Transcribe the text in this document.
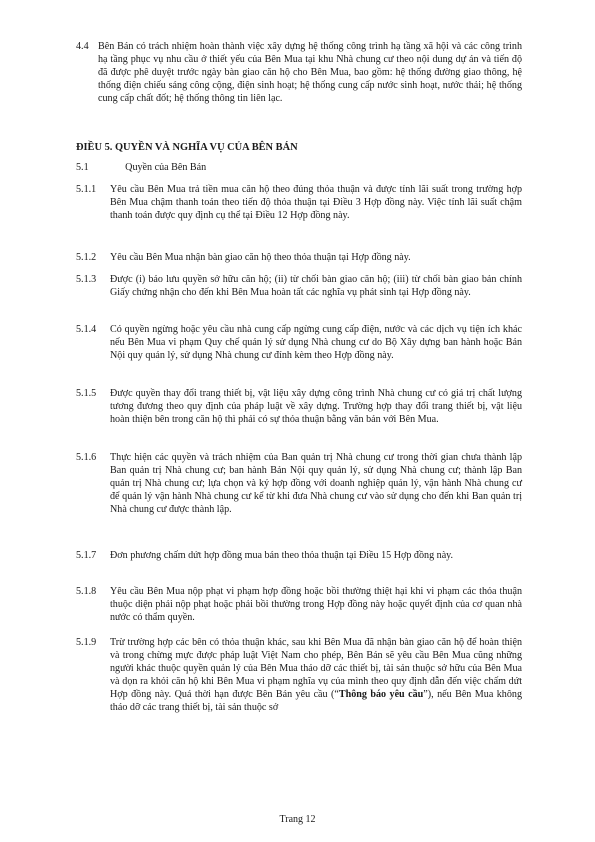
4.4 Bên Bán có trách nhiệm hoàn thành việc xây dựng hệ thống công trình hạ tầng xã hội và các công trình hạ tầng phục vụ nhu cầu ở thiết yếu của Bên Mua tại khu Nhà chung cư theo nội dung dự án và tiến độ đã được phê duyệt trước ngày bàn giao căn hộ cho Bên Mua, bao gồm: hệ thống đường giao thông, hệ thống điện chiếu sáng công cộng, điện sinh hoạt; hệ thống cung cấp nước sinh hoạt, nước thải; hệ thống cung cấp chất đốt; hệ thống thông tin liên lạc.
ĐIỀU 5. QUYỀN VÀ NGHĨA VỤ CỦA BÊN BÁN
5.1	Quyền của Bên Bán
5.1.1 Yêu cầu Bên Mua trả tiền mua căn hộ theo đúng thỏa thuận và được tính lãi suất trong trường hợp Bên Mua chậm thanh toán theo tiến độ thỏa thuận tại Điều 3 Hợp đồng này. Việc tính lãi suất chậm thanh toán được quy định cụ thể tại Điều 12 Hợp đồng này.
5.1.2 Yêu cầu Bên Mua nhận bàn giao căn hộ theo thỏa thuận tại Hợp đồng này.
5.1.3 Được (i) bảo lưu quyền sở hữu căn hộ; (ii) từ chối bàn giao căn hộ; (iii) từ chối bàn giao bản chính Giấy chứng nhận cho đến khi Bên Mua hoàn tất các nghĩa vụ phát sinh tại Hợp đồng này.
5.1.4 Có quyền ngừng hoặc yêu cầu nhà cung cấp ngừng cung cấp điện, nước và các dịch vụ tiện ích khác nếu Bên Mua vi phạm Quy chế quản lý sử dụng Nhà chung cư do Bộ Xây dựng ban hành hoặc Bản Nội quy quản lý, sử dụng Nhà chung cư đính kèm theo Hợp đồng này.
5.1.5 Được quyền thay đổi trang thiết bị, vật liệu xây dựng công trình Nhà chung cư có giá trị chất lượng tương đương theo quy định của pháp luật về xây dựng. Trường hợp thay đổi trang thiết bị, vật liệu hoàn thiện bên trong căn hộ thì phải có sự thỏa thuận bằng văn bản với Bên Mua.
5.1.6 Thực hiện các quyền và trách nhiệm của Ban quản trị Nhà chung cư trong thời gian chưa thành lập Ban quản trị Nhà chung cư; ban hành Bản Nội quy quản lý, sử dụng Nhà chung cư; thành lập Ban quản trị Nhà chung cư; lựa chọn và ký hợp đồng với doanh nghiệp quản lý, vận hành Nhà chung cư để quản lý vận hành Nhà chung cư kể từ khi đưa Nhà chung cư vào sử dụng cho đến khi Ban quản trị Nhà chung cư được thành lập.
5.1.7 Đơn phương chấm dứt hợp đồng mua bán theo thỏa thuận tại Điều 15 Hợp đồng này.
5.1.8 Yêu cầu Bên Mua nộp phạt vi phạm hợp đồng hoặc bồi thường thiệt hại khi vi phạm các thỏa thuận thuộc diện phải nộp phạt hoặc phải bồi thường trong Hợp đồng này hoặc quyết định của cơ quan nhà nước có thẩm quyền.
5.1.9 Trừ trường hợp các bên có thỏa thuận khác, sau khi Bên Mua đã nhận bàn giao căn hộ để hoàn thiện và trong chừng mực được pháp luật Việt Nam cho phép, Bên Bán sẽ yêu cầu Bên Mua cũng những người khác thuộc quyền quản lý của Bên Mua tháo dỡ các thiết bị, tài sản thuộc sở hữu của Bên Mua và dọn ra khỏi căn hộ khi Bên Mua vi phạm nghĩa vụ của mình theo quy định dẫn đến việc chấm dứt Hợp đồng này. Quá thời hạn được Bên Bán yêu cầu (“Thông báo yêu cầu”), nếu Bên Mua không tháo dỡ các trang thiết bị, tài sản thuộc sở
Trang 12
